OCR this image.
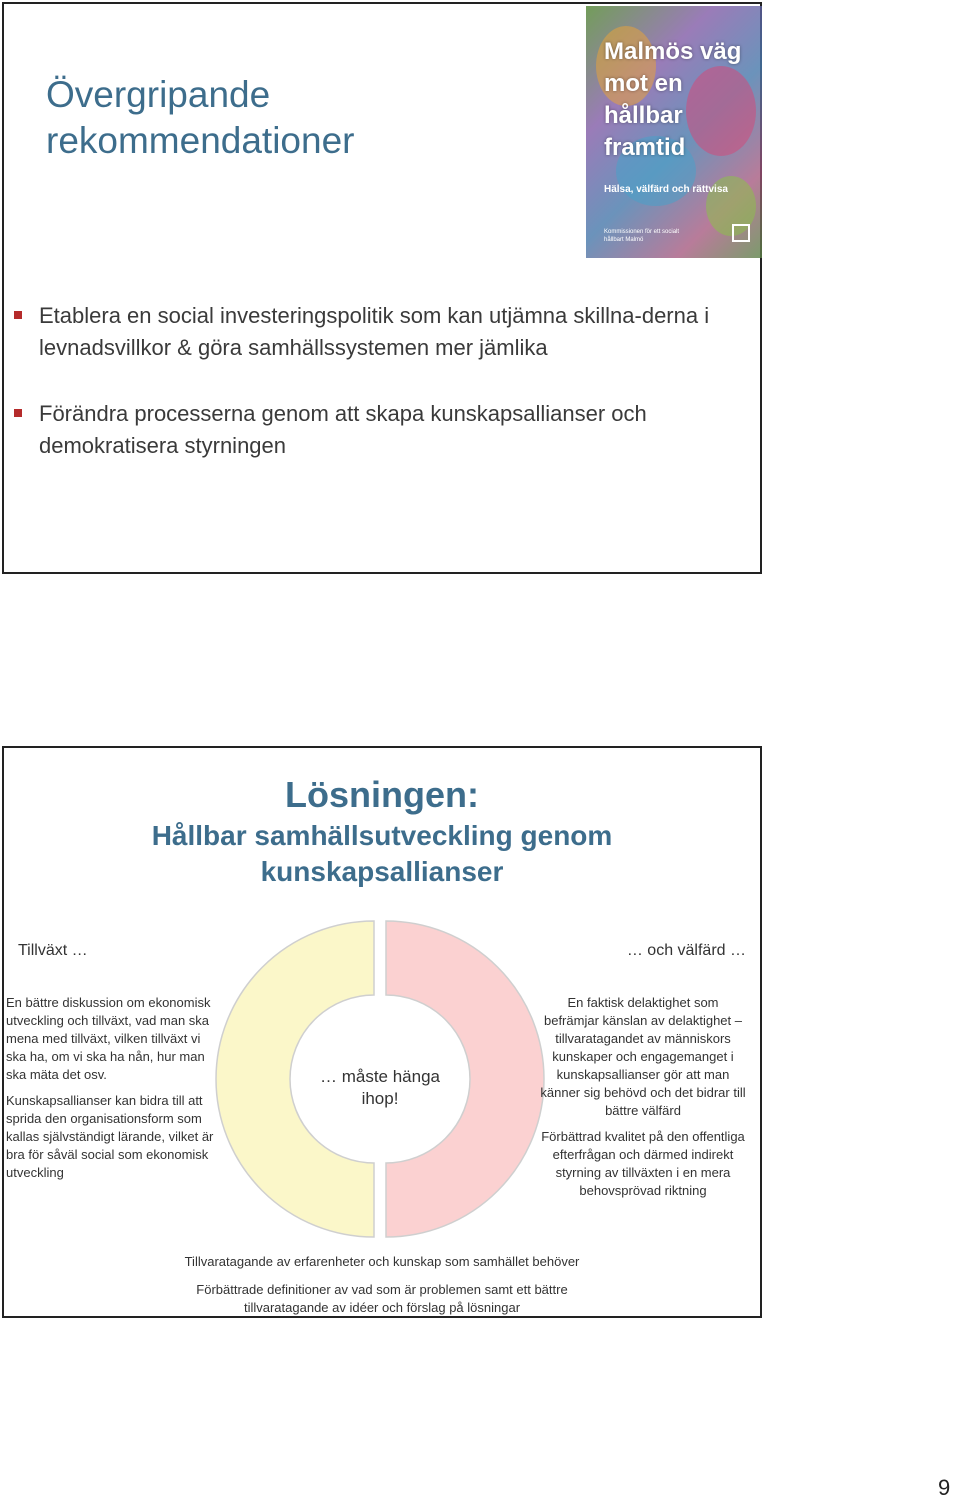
Övergripande rekommendationer
Malmös väg mot en hållbar framtid
Hälsa, välfärd och rättvisa
Kommissionen för ett socialt hållbart Malmö
Etablera en social investeringspolitik som kan utjämna skillna-derna i levnadsvillkor & göra samhällssystemen mer jämlika
Förändra processerna genom att skapa kunskapsallianser och demokratisera styrningen
Lösningen:
Hållbar samhällsutveckling genom kunskapsallianser
Tillväxt …	… och välfärd …
… måste hänga ihop!

En bättre diskussion om ekonomisk utveckling och tillväxt, vad man ska mena med tillväxt, vilken tillväxt vi ska ha, om vi ska ha nån, hur man ska mäta det osv.

Kunskapsallianser kan bidra till att sprida den organisationsform som kallas självständigt lärande, vilket är bra för såväl social som ekonomisk utveckling

En faktisk delaktighet som befrämjar känslan av delaktighet – tillvaratagandet av människors kunskaper och engagemanget i kunskapsallianser gör att man känner sig behövd och det bidrar till bättre välfärd

Förbättrad kvalitet på den offentliga efterfrågan och därmed indirekt styrning av tillväxten i en mera behovsprövad riktning

Tillvaratagande av erfarenheter och kunskap som samhället behöver
Förbättrade definitioner av vad som är problemen samt ett bättre tillvaratagande av idéer och förslag på lösningar
9
